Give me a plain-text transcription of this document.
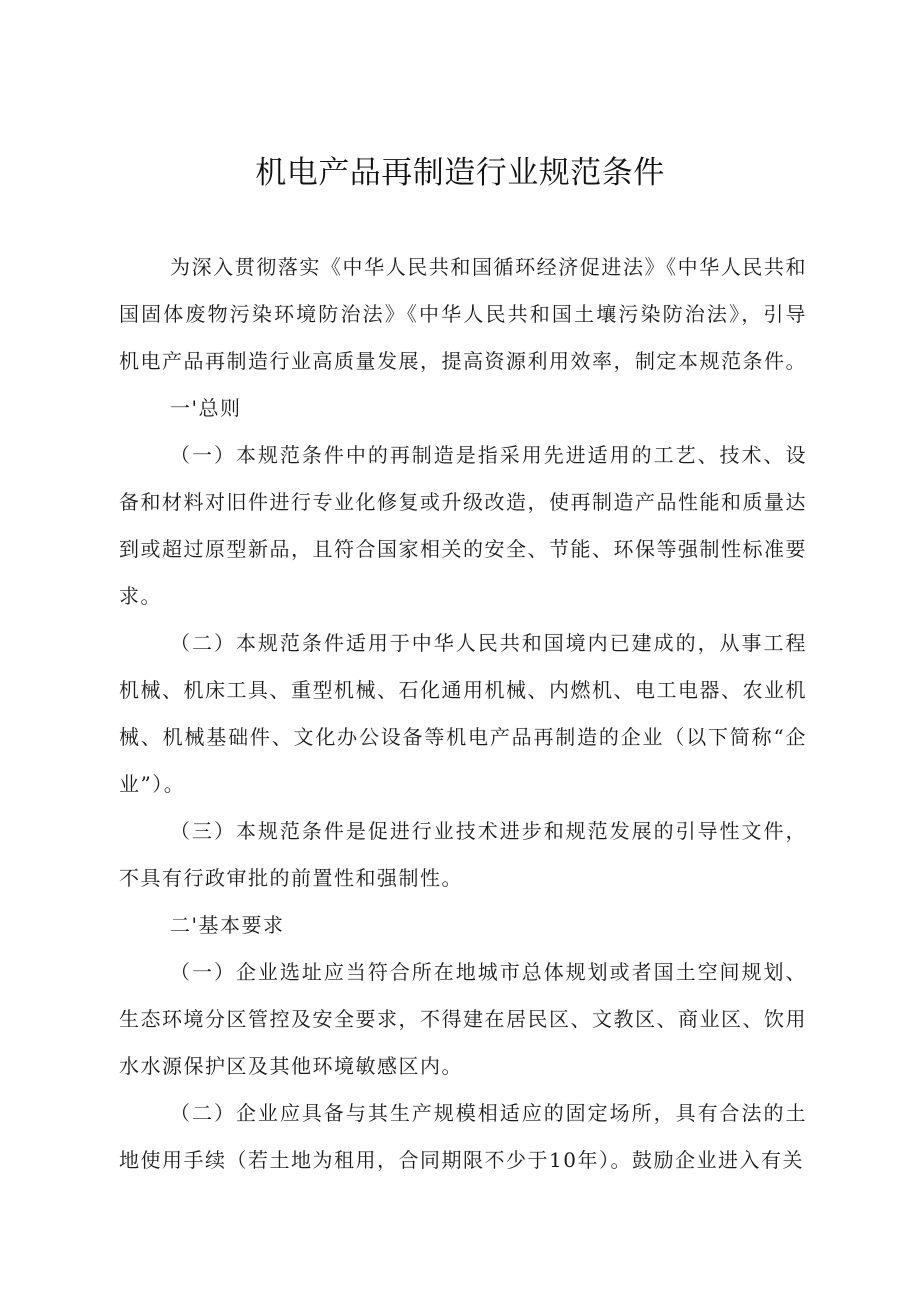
机电产品再制造行业规范条件

为深入贯彻落实《中华人民共和国循环经济促进法》《中华人民共和国固体废物污染环境防治法》《中华人民共和国土壤污染防治法》，引导机电产品再制造行业高质量发展，提高资源利用效率，制定本规范条件。

一'总则

（一）本规范条件中的再制造是指采用先进适用的工艺、技术、设备和材料对旧件进行专业化修复或升级改造，使再制造产品性能和质量达到或超过原型新品，且符合国家相关的安全、节能、环保等强制性标准要求。

（二）本规范条件适用于中华人民共和国境内已建成的，从事工程机械、机床工具、重型机械、石化通用机械、内燃机、电工电器、农业机械、机械基础件、文化办公设备等机电产品再制造的企业（以下简称“企业”）。

（三）本规范条件是促进行业技术进步和规范发展的引导性文件，不具有行政审批的前置性和强制性。

二'基本要求

（一）企业选址应当符合所在地城市总体规划或者国土空间规划、生态环境分区管控及安全要求，不得建在居民区、文教区、商业区、饮用水水源保护区及其他环境敏感区内。

（二）企业应具备与其生产规模相适应的固定场所，具有合法的土地使用手续（若土地为租用，合同期限不少于10年）。鼓励企业进入有关
